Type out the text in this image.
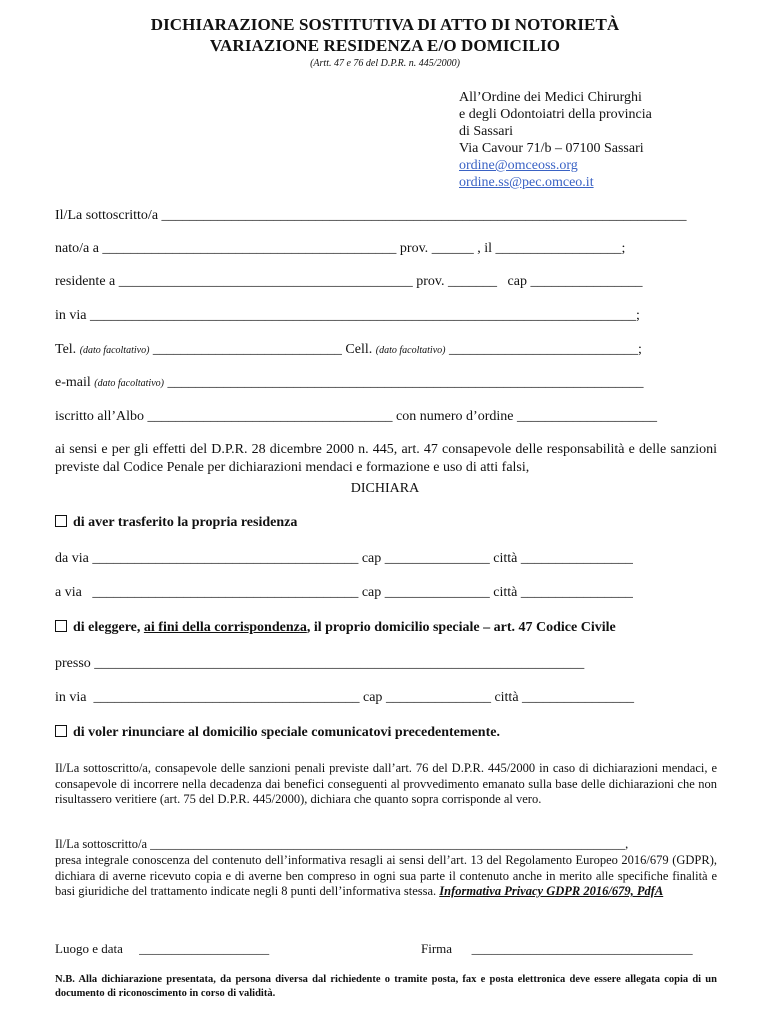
DICHIARAZIONE SOSTITUTIVA DI ATTO DI NOTORIETÀ
VARIAZIONE RESIDENZA E/O DOMICILIO
(Artt. 47 e 76 del D.P.R. n. 445/2000)
All’Ordine dei Medici Chirurghi
e degli Odontoiatri della provincia
di Sassari
Via Cavour 71/b – 07100 Sassari
ordine@omceoss.org
ordine.ss@pec.omceo.it
Il/La sottoscritto/a ___________________________________________________________________________
nato/a a __________________________________________ prov. ______ , il __________________;
residente a __________________________________________ prov. _______ cap ________________
in via ______________________________________________________________________________;
Tel. (dato facoltativo) ___________________________ Cell. (dato facoltativo) ___________________________;
e-mail (dato facoltativo) ____________________________________________________________________
iscritto all’Albo ___________________________________ con numero d’ordine ____________________
ai sensi e per gli effetti del D.P.R. 28 dicembre 2000 n. 445, art. 47 consapevole delle responsabilità e delle sanzioni previste dal Codice Penale per dichiarazioni mendaci e formazione e uso di atti falsi,
DICHIARA
di aver trasferito la propria residenza
da via ______________________________________ cap _______________ città ________________
a via ______________________________________ cap _______________ città ________________
di eleggere, ai fini della corrispondenza, il proprio domicilio speciale – art. 47 Codice Civile
presso ______________________________________________________________________
in via ______________________________________ cap _______________ città ________________
di voler rinunciare al domicilio speciale comunicatovi precedentemente.
Il/La sottoscritto/a, consapevole delle sanzioni penali previste dall’art. 76 del D.P.R. 445/2000 in caso di dichiarazioni mendaci, e consapevole di incorrere nella decadenza dai benefici conseguenti al provvedimento emanato sulla base delle dichiarazioni che non risultassero veritiere (art. 75 del D.P.R. 445/2000), dichiara che quanto sopra corrisponde al vero.
Il/La sottoscritto/a ____________________________________________________________________________,
presa integrale conoscenza del contenuto dell’informativa resagli ai sensi dell’art. 13 del Regolamento Europeo 2016/679 (GDPR), dichiara di averne ricevuto copia e di averne ben compreso in ogni sua parte il contenuto anche in merito alle specifiche finalità e basi giuridiche del trattamento indicate negli 8 punti dell’informativa stessa. Informativa Privacy GDPR 2016/679, PdfA
Luogo e data ____________________	Firma __________________________________
N.B. Alla dichiarazione presentata, da persona diversa dal richiedente o tramite posta, fax e posta elettronica deve essere allegata copia di un documento di riconoscimento in corso di validità.
